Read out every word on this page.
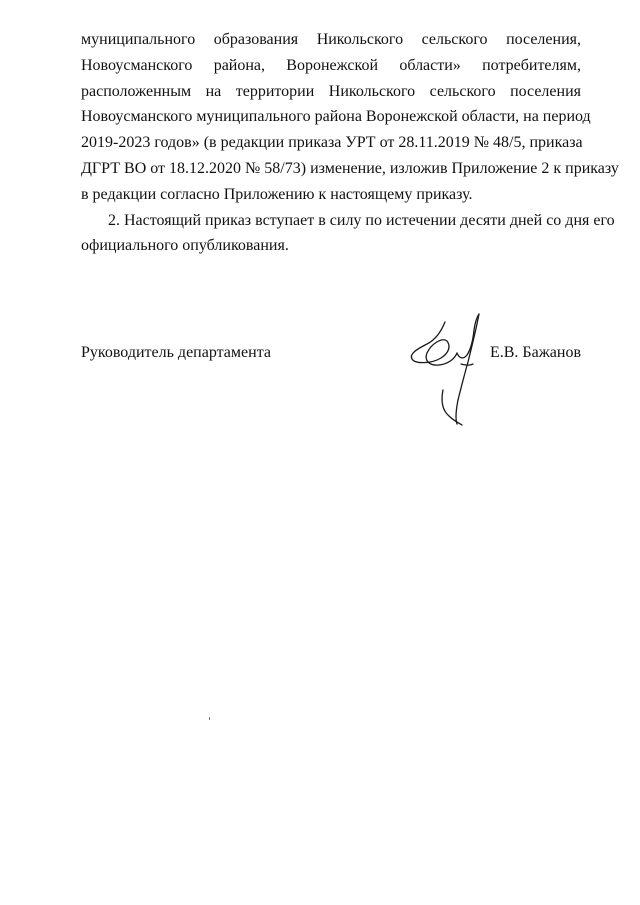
муниципального образования Никольского сельского поселения,
Новоусманского района, Воронежской области» потребителям,
расположенным на территории Никольского сельского поселения
Новоусманского муниципального района Воронежской области, на период
2019-2023 годов» (в редакции приказа УРТ от 28.11.2019 № 48/5, приказа
ДГРТ ВО от 18.12.2020 № 58/73) изменение, изложив Приложение 2 к приказу
в редакции согласно Приложению к настоящему приказу.
2. Настоящий приказ вступает в силу по истечении десяти дней со дня его
официального опубликования.
Руководитель департамента	Е.В. Бажанов
